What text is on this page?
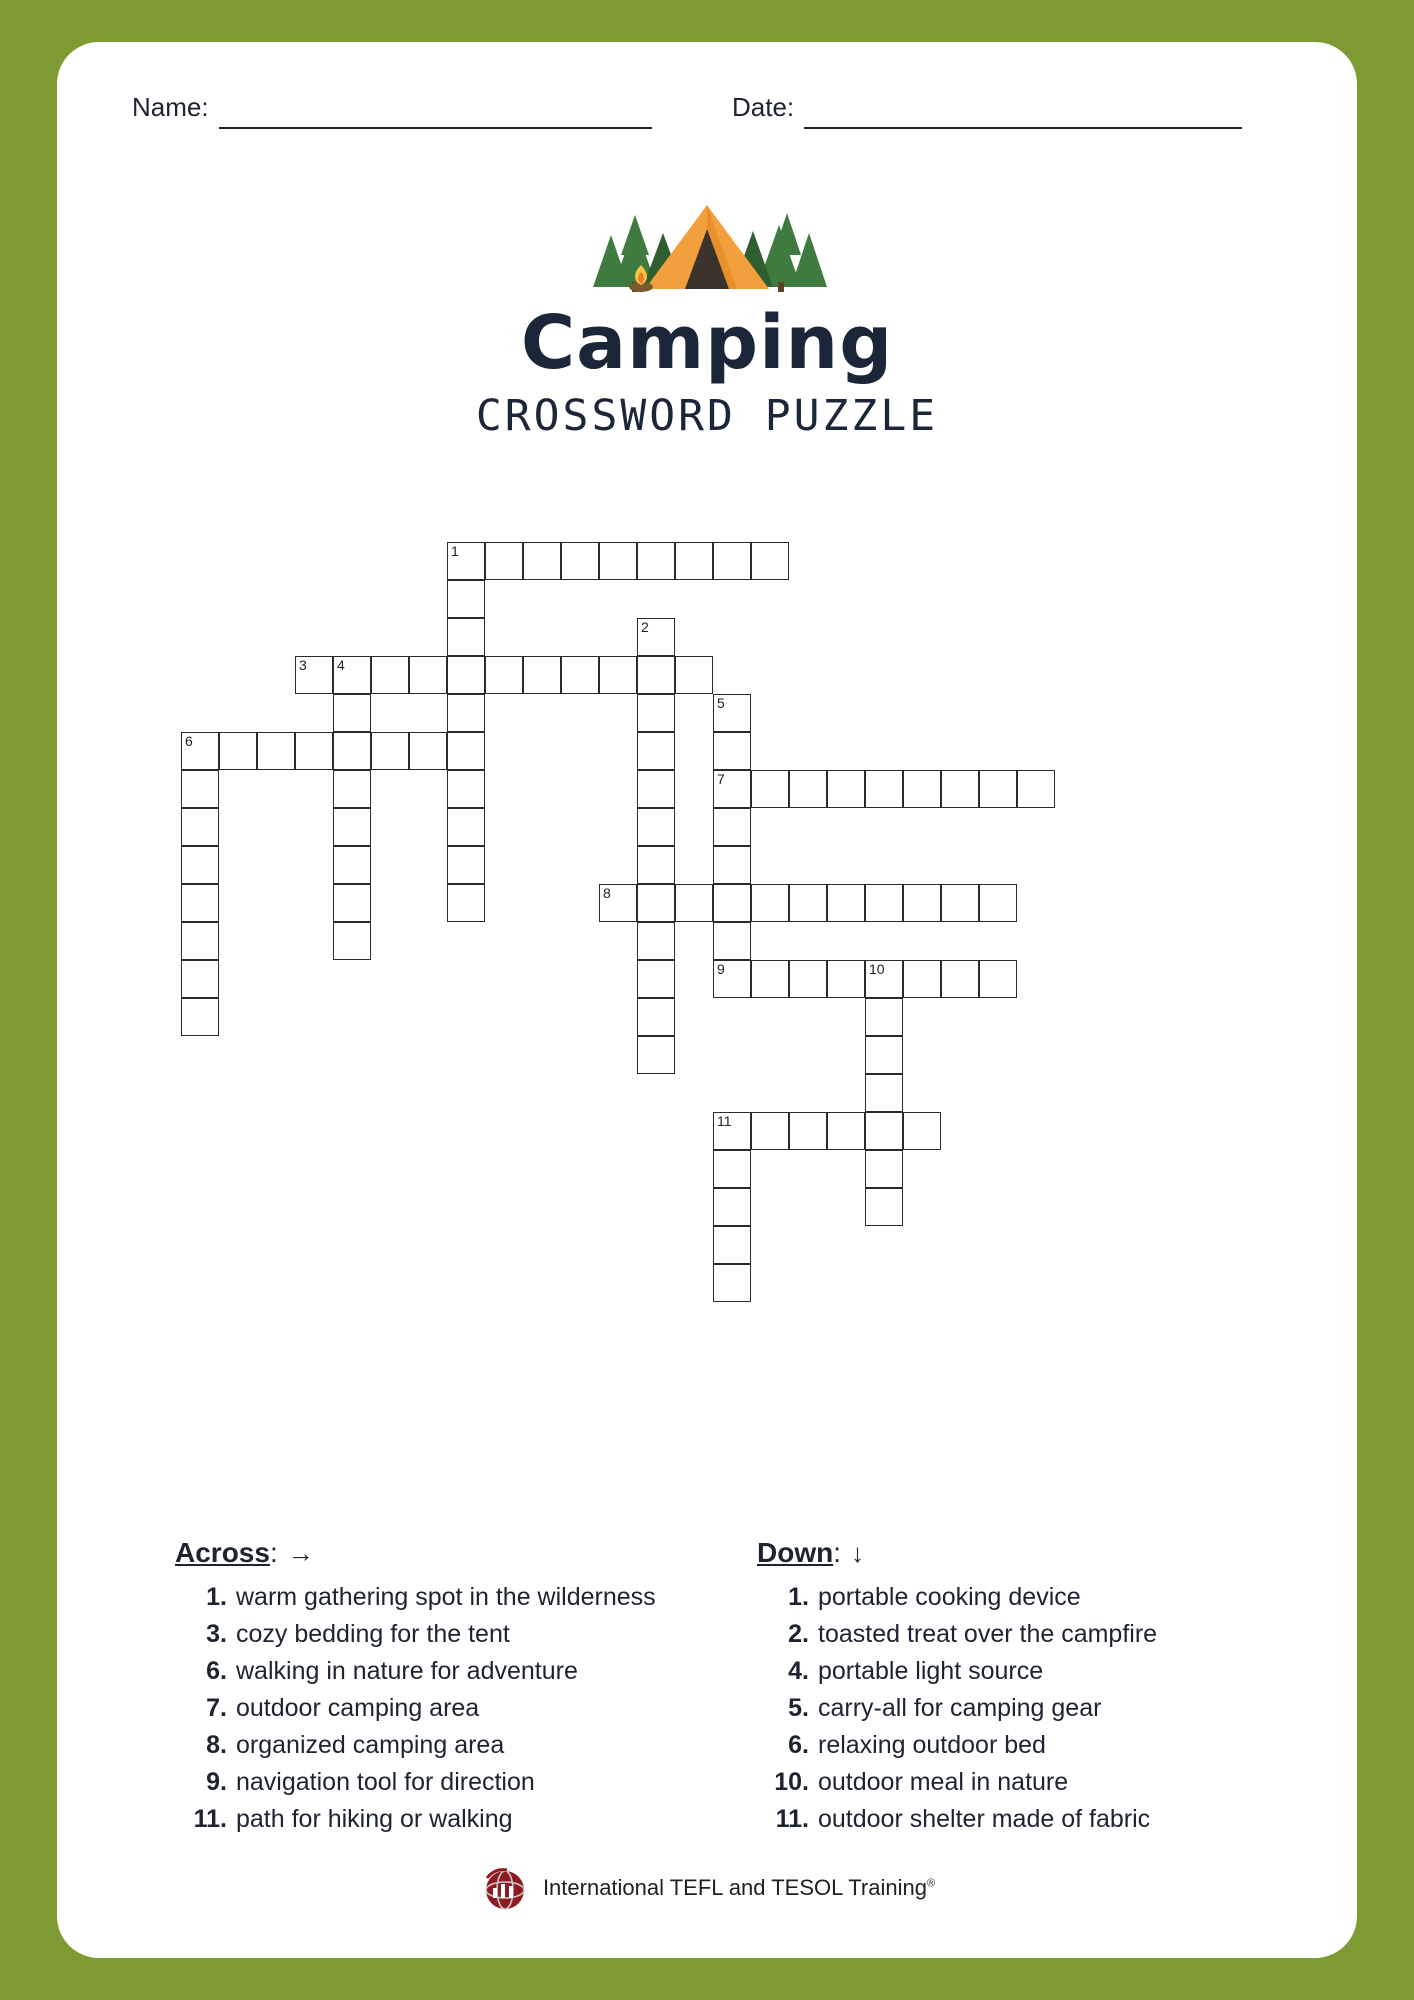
Name:	Date:
Camping
CROSSWORD PUZZLE
1
2
3 4
5
7
9
6
8
10
11
Across: →
1. warm gathering spot in the wilderness
3. cozy bedding for the tent
6. walking in nature for adventure
7. outdoor camping area
8. organized camping area
9. navigation tool for direction
11. path for hiking or walking
Down: ↓
1. portable cooking device
2. toasted treat over the campfire
4. portable light source
5. carry-all for camping gear
6. relaxing outdoor bed
10. outdoor meal in nature
11. outdoor shelter made of fabric
International TEFL and TESOL Training®
